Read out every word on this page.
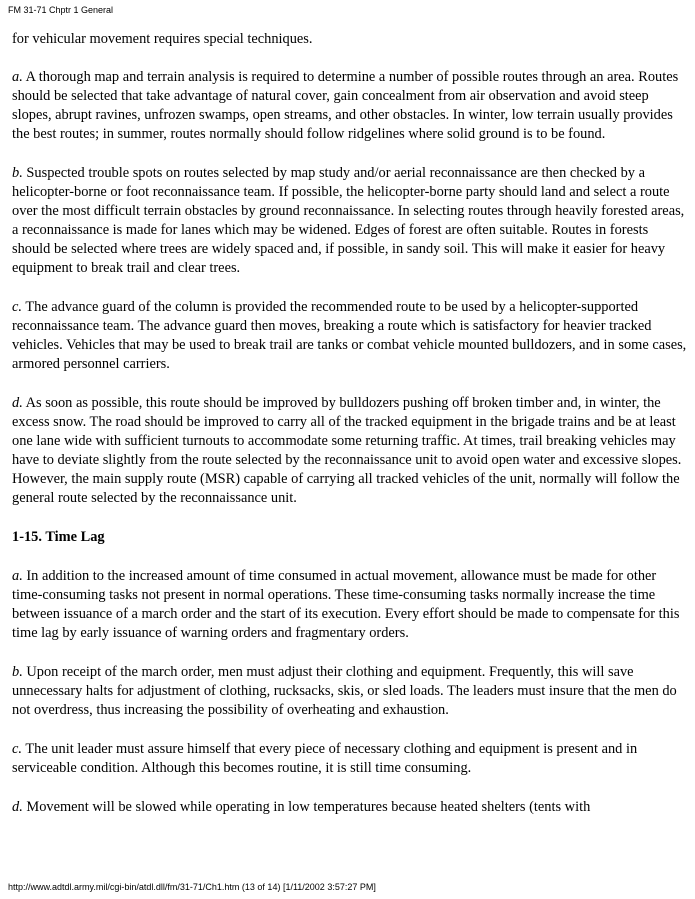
FM 31-71 Chptr 1 General

for vehicular movement requires special techniques.

a. A thorough map and terrain analysis is required to determine a number of possible routes through an area. Routes should be selected that take advantage of natural cover, gain concealment from air observation and avoid steep slopes, abrupt ravines, unfrozen swamps, open streams, and other obstacles. In winter, low terrain usually provides the best routes; in summer, routes normally should follow ridgelines where solid ground is to be found.

b. Suspected trouble spots on routes selected by map study and/or aerial reconnaissance are then checked by a helicopter-borne or foot reconnaissance team. If possible, the helicopter-borne party should land and select a route over the most difficult terrain obstacles by ground reconnaissance. In selecting routes through heavily forested areas, a reconnaissance is made for lanes which may be widened. Edges of forest are often suitable. Routes in forests should be selected where trees are widely spaced and, if possible, in sandy soil. This will make it easier for heavy equipment to break trail and clear trees.

c. The advance guard of the column is provided the recommended route to be used by a helicopter-supported reconnaissance team. The advance guard then moves, breaking a route which is satisfactory for heavier tracked vehicles. Vehicles that may be used to break trail are tanks or combat vehicle mounted bulldozers, and in some cases, armored personnel carriers.

d. As soon as possible, this route should be improved by bulldozers pushing off broken timber and, in winter, the excess snow. The road should be improved to carry all of the tracked equipment in the brigade trains and be at least one lane wide with sufficient turnouts to accommodate some returning traffic. At times, trail breaking vehicles may have to deviate slightly from the route selected by the reconnaissance unit to avoid open water and excessive slopes. However, the main supply route (MSR) capable of carrying all tracked vehicles of the unit, normally will follow the general route selected by the reconnaissance unit.

1-15. Time Lag

a. In addition to the increased amount of time consumed in actual movement, allowance must be made for other time-consuming tasks not present in normal operations. These time-consuming tasks normally increase the time between issuance of a march order and the start of its execution. Every effort should be made to compensate for this time lag by early issuance of warning orders and fragmentary orders.

b. Upon receipt of the march order, men must adjust their clothing and equipment. Frequently, this will save unnecessary halts for adjustment of clothing, rucksacks, skis, or sled loads. The leaders must insure that the men do not overdress, thus increasing the possibility of overheating and exhaustion.

c. The unit leader must assure himself that every piece of necessary clothing and equipment is present and in serviceable condition. Although this becomes routine, it is still time consuming.

d. Movement will be slowed while operating in low temperatures because heated shelters (tents with

http://www.adtdl.army.mil/cgi-bin/atdl.dll/fm/31-71/Ch1.htm (13 of 14) [1/11/2002 3:57:27 PM]
